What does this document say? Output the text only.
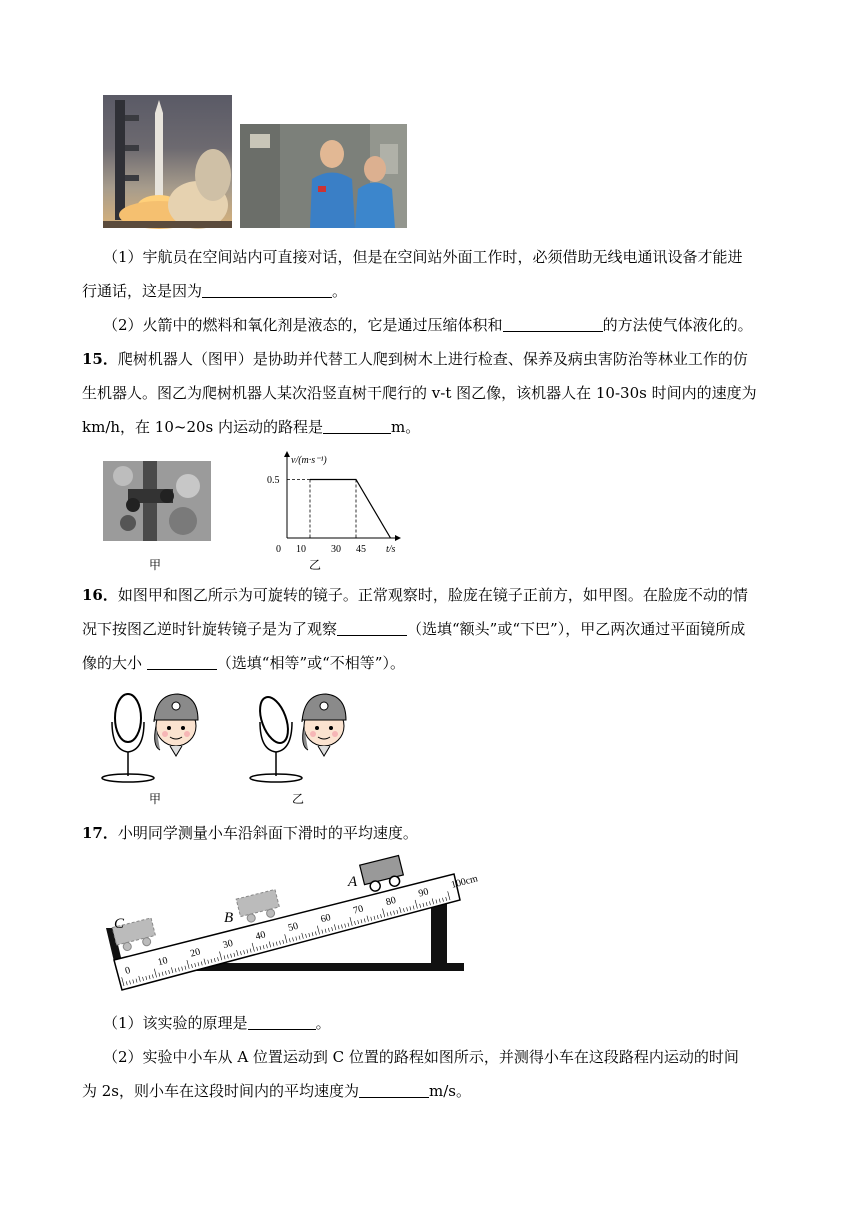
（1）宇航员在空间站内可直接对话，但是在空间站外面工作时，必须借助无线电通讯设备才能进
行通话，这是因为	。
（2）火箭中的燃料和氧化剂是液态的，它是通过压缩体积和	的方法使气体液化的。
15．爬树机器人（图甲）是协助并代替工人爬到树木上进行检查、保养及病虫害防治等林业工作的仿
生机器人。图乙为爬树机器人某次沿竖直树干爬行的 v-t 图乙像，该机器人在 10-30s 时间内的速度为
km/h，在 10~20s 内运动的路程是	m。
甲
v/(m·s⁻¹)
t/s
0.5
0 10	30 45
乙
16．如图甲和图乙所示为可旋转的镜子。正常观察时，脸庞在镜子正前方，如甲图。在脸庞不动的情
况下按图乙逆时针旋转镜子是为了观察	（选填“额头”或“下巴”），甲乙两次通过平面镜所成
像的大小	（选填“相等”或“不相等”）。
甲	乙
17．小明同学测量小车沿斜面下滑时的平均速度。
0
10
20
30
40
50
60
70
80
90
100cm
C	B
A
（1）该实验的原理是	。
（2）实验中小车从 A 位置运动到 C 位置的路程如图所示，并测得小车在这段路程内运动的时间
为 2s，则小车在这段时间内的平均速度为	m/s。
